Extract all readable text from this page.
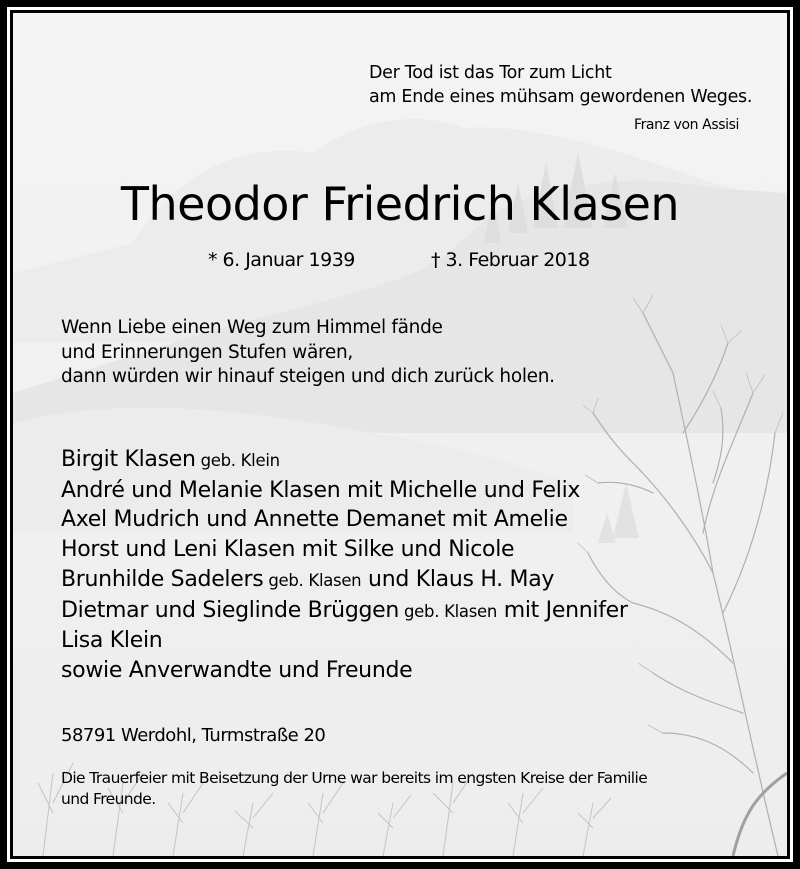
Der Tod ist das Tor zum Licht
am Ende eines mühsam gewordenen Weges.
Franz von Assisi
Theodor Friedrich Klasen
* 6. Januar 1939	† 3. Februar 2018
Wenn Liebe einen Weg zum Himmel fände
und Erinnerungen Stufen wären,
dann würden wir hinauf steigen und dich zurück holen.
Birgit Klasen geb. Klein
André und Melanie Klasen mit Michelle und Felix
Axel Mudrich und Annette Demanet mit Amelie
Horst und Leni Klasen mit Silke und Nicole
Brunhilde Sadelers geb. Klasen und Klaus H. May
Dietmar und Sieglinde Brüggen geb. Klasen mit Jennifer
Lisa Klein
sowie Anverwandte und Freunde
58791 Werdohl, Turmstraße 20
Die Trauerfeier mit Beisetzung der Urne war bereits im engsten Kreise der Familie
und Freunde.
